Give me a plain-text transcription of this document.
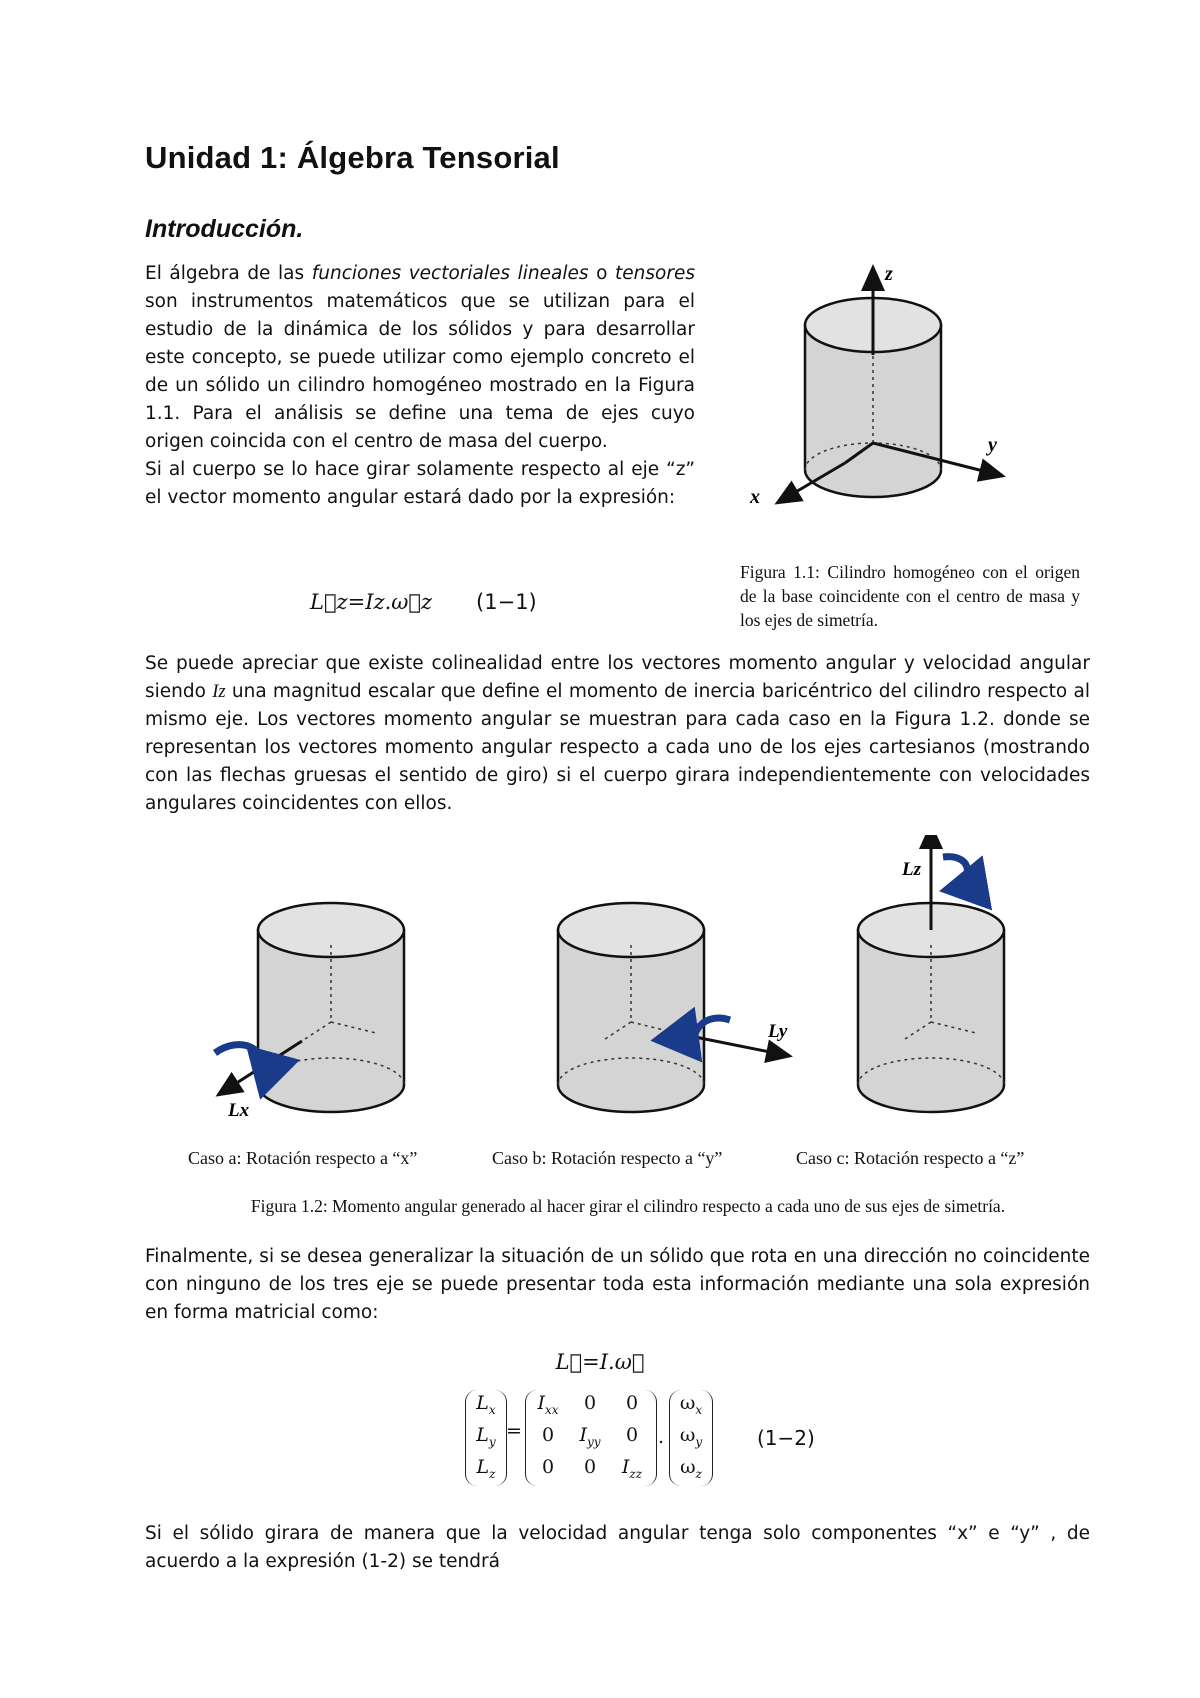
Unidad 1: Álgebra Tensorial
Introducción.
El álgebra de las funciones vectoriales lineales o tensores son instrumentos matemáticos que se utilizan para el estudio de la dinámica de los sólidos y para desarrollar este concepto, se puede utilizar como ejemplo concreto el de un sólido un cilindro homogéneo mostrado en la Figura 1.1. Para el análisis se define una tema de ejes cuyo origen coincida con el centro de masa del cuerpo.
Si al cuerpo se lo hace girar solamente respecto al eje “z” el vector momento angular estará dado por la expresión:
L⃗z=Iz.ω⃗z (1−1)
z
y
x

Figura 1.1: Cilindro homogéneo con el origen de la base coincidente con el centro de masa y los ejes de simetría.

Se puede apreciar que existe colinealidad entre los vectores momento angular y velocidad angular siendo Iz una magnitud escalar que define el momento de inercia baricéntrico del cilindro respecto al mismo eje. Los vectores momento angular se muestran para cada caso en la Figura 1.2. donde se representan los vectores momento angular respecto a cada uno de los ejes cartesianos (mostrando con las flechas gruesas el sentido de giro) si el cuerpo girara independientemente con velocidades angulares coincidentes con ellos.

Lx
Ly
Lz
Caso a: Rotación respecto a “x”	Caso b: Rotación respecto a “y”	Caso c: Rotación respecto a “z”
Figura 1.2: Momento angular generado al hacer girar el cilindro respecto a cada uno de sus ejes de simetría.

Finalmente, si se desea generalizar la situación de un sólido que rota en una dirección no coincidente con ninguno de los tres eje se puede presentar toda esta información mediante una sola expresión en forma matricial como:

L⃗=I.ω⃗
$L_x$
$L_y$
$L_z$
=
$I_{xx}$	0	0
0	$I_{yy}$	0
0	0	$I_{zz}$
.
$\omega_x$
$\omega_y$
$\omega_z$
(1−2)

Si el sólido girara de manera que la velocidad angular tenga solo componentes “x” e “y” , de acuerdo a la expresión (1-2) se tendrá
